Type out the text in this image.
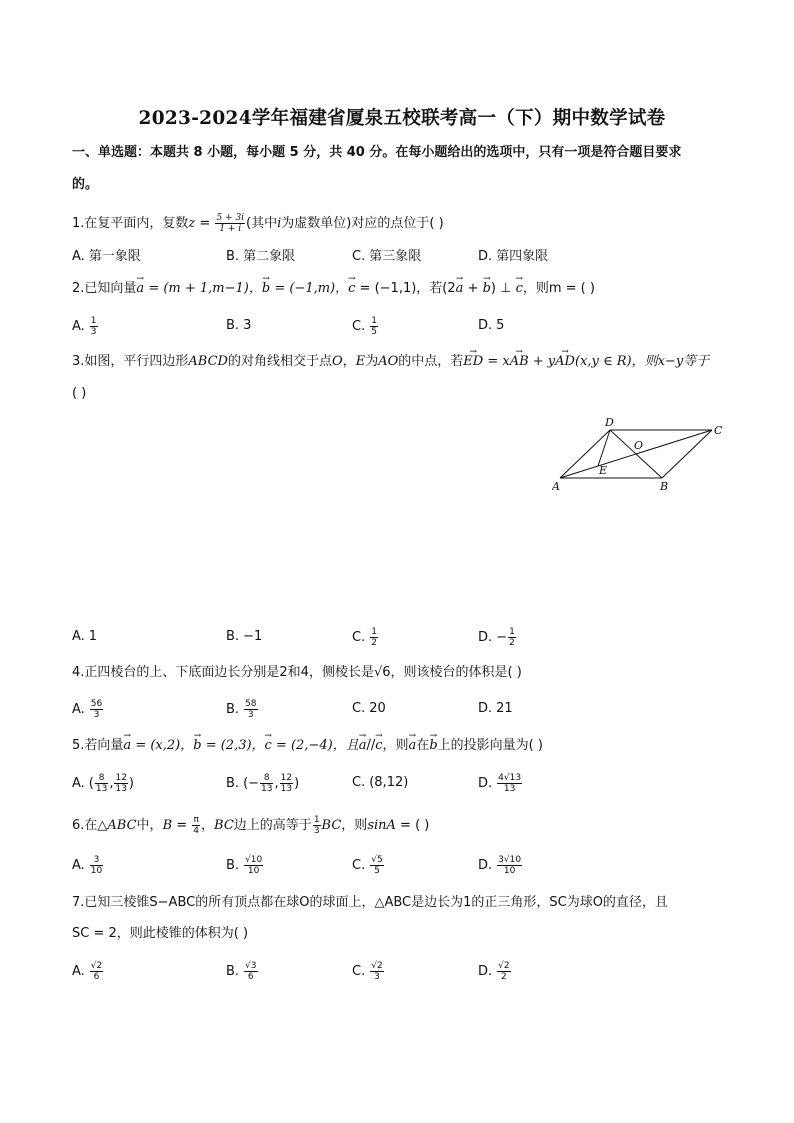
2023-2024学年福建省厦泉五校联考高一（下）期中数学试卷
一、单选题：本题共 8 小题，每小题 5 分，共 40 分。在每小题给出的选项中，只有一项是符合题目要求
的。
1.在复平面内，复数$z = \frac{5 + 3i}{1 + i}$ (其中i为虚数单位)对应的点位于( )
A. 第一象限	B. 第二象限	C. 第三象限	D. 第四象限
2.已知向量→ a = (m + 1,m−1)，→ b = (−1,m)，→ c = (−1,1)，若(2→ a + → b) ⊥ → c，则m = ( )
A. $\frac{1}{3}$	B. 3	C. $\frac{1}{5}$	D. 5
3.如图，平行四边形ABCD的对角线相交于点O，E为AO的中点，若→ ED = x→ AB + y→ AD(x,y ∈ R)，则x−y等于
( )
A	B
C
D
O
E
A. 1	B. −1	C. $\frac{1}{2}$	D. − $\frac{1}{2}$
4.正四棱台的上、下底面边长分别是2和4，侧棱长是√6，则该棱台的体积是( )
A. $\frac{56}{3}$	B. $\frac{58}{3}$	C. 20	D. 21
5.若向量→ a = (x,2)，→ b = (2,3)，→ c = (2,−4)，且→ a//→ c，则→ a在→ b上的投影向量为( )
A. ( $\frac{8}{13}$ , $\frac{12}{13}$ )	B. (− $\frac{8}{13}$ , $\frac{12}{13}$ )	C. (8,12)	D. $\frac{4√13}{13}$
6.在△ABC中，$B = \frac{\pi}{4}$ ，BC边上的高等于 $\frac{1}{3}$ BC，则sinA = ( )
A. $\frac{3}{10}$	B. $\frac{√10}{10}$	C. $\frac{√5}{5}$	D. $\frac{3√10}{10}$
7.已知三棱锥S−ABC的所有顶点都在球O的球面上，△ABC是边长为1的正三角形，SC为球O的直径，且
SC = 2，则此棱锥的体积为( )
A. $\frac{√2}{6}$	B. $\frac{√3}{6}$	C. $\frac{√2}{3}$	D. $\frac{√2}{2}$
